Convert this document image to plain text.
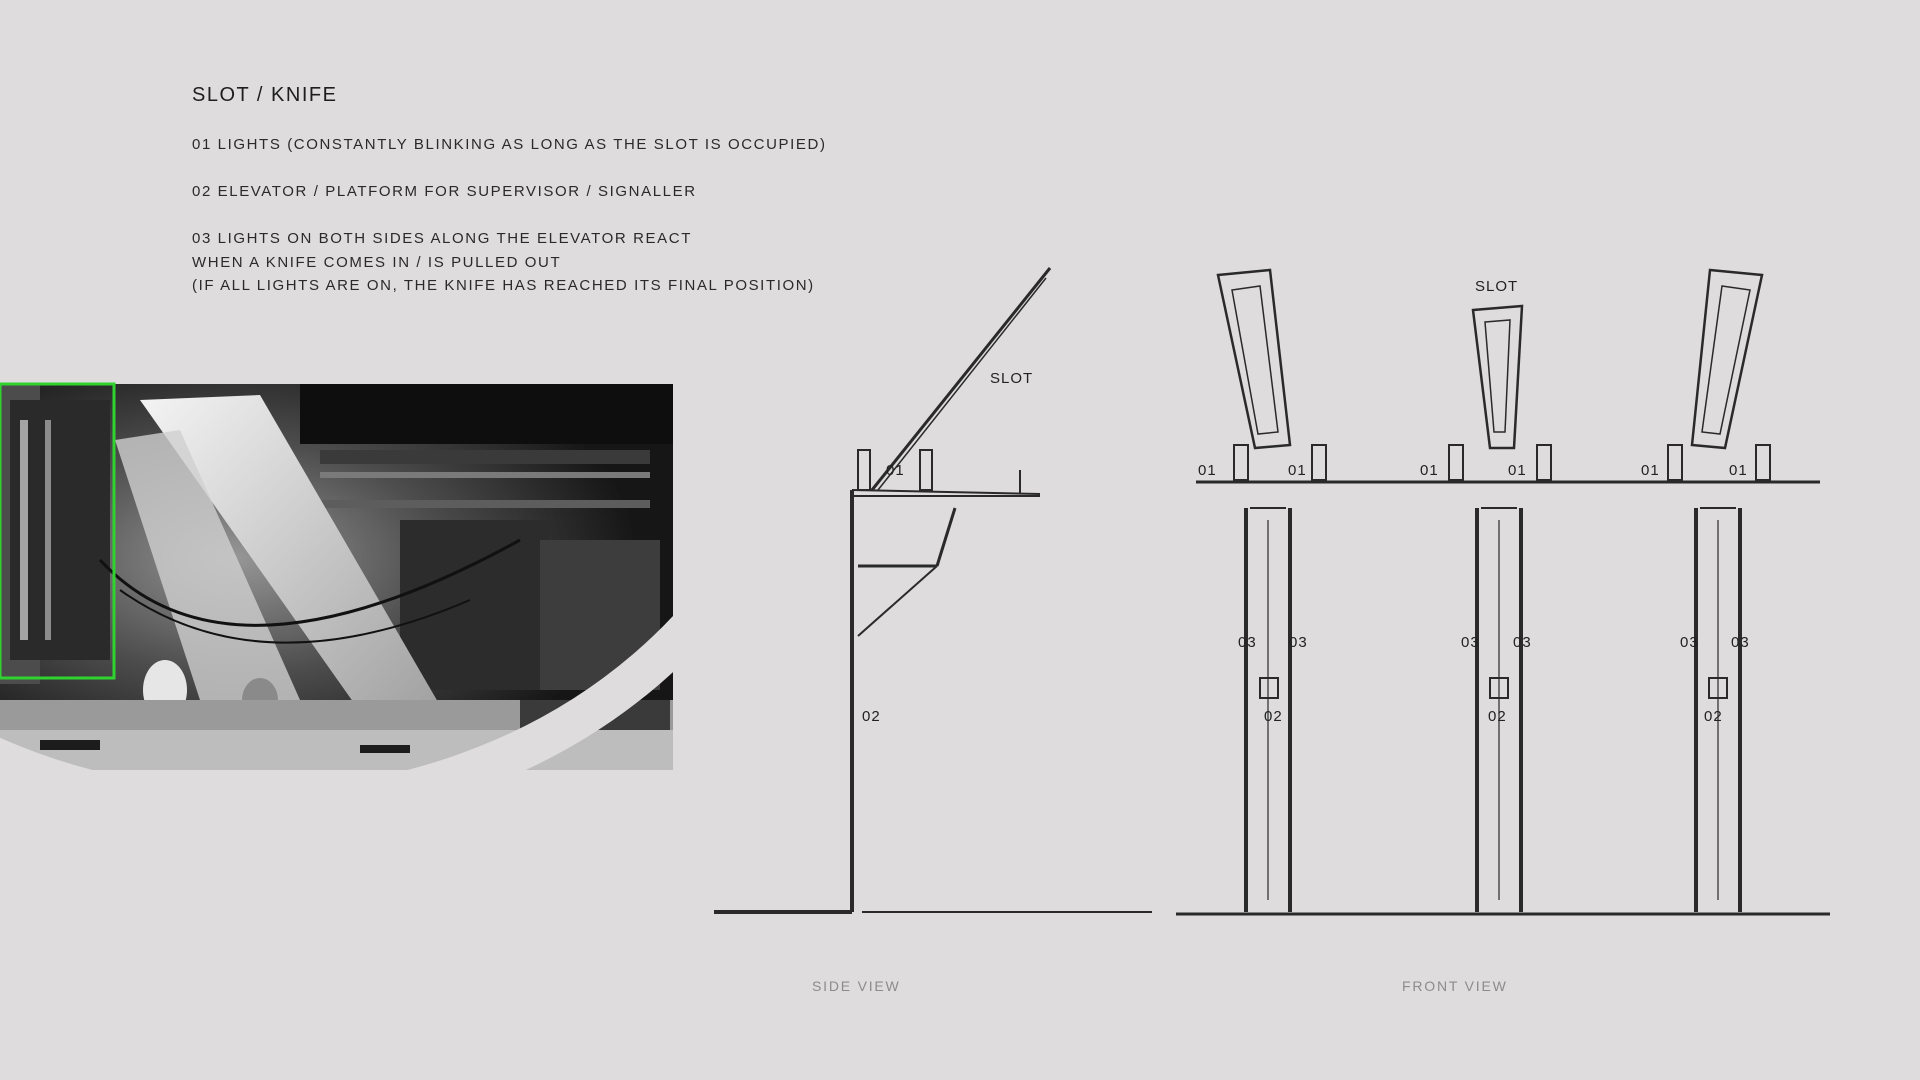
SLOT / KNIFE
01 LIGHTS (CONSTANTLY BLINKING AS LONG AS THE SLOT IS OCCUPIED)
02 ELEVATOR / PLATFORM FOR SUPERVISOR / SIGNALLER
03 LIGHTS ON BOTH SIDES ALONG THE ELEVATOR REACT
WHEN A KNIFE COMES IN / IS PULLED OUT
(IF ALL LIGHTS ARE ON, THE KNIFE HAS REACHED ITS FINAL POSITION)
SIDE VIEW	FRONT VIEW
SLOT
01
02
SLOT
01	01	01	01	01	01
03 03	03 03	03 03
02	02	02
